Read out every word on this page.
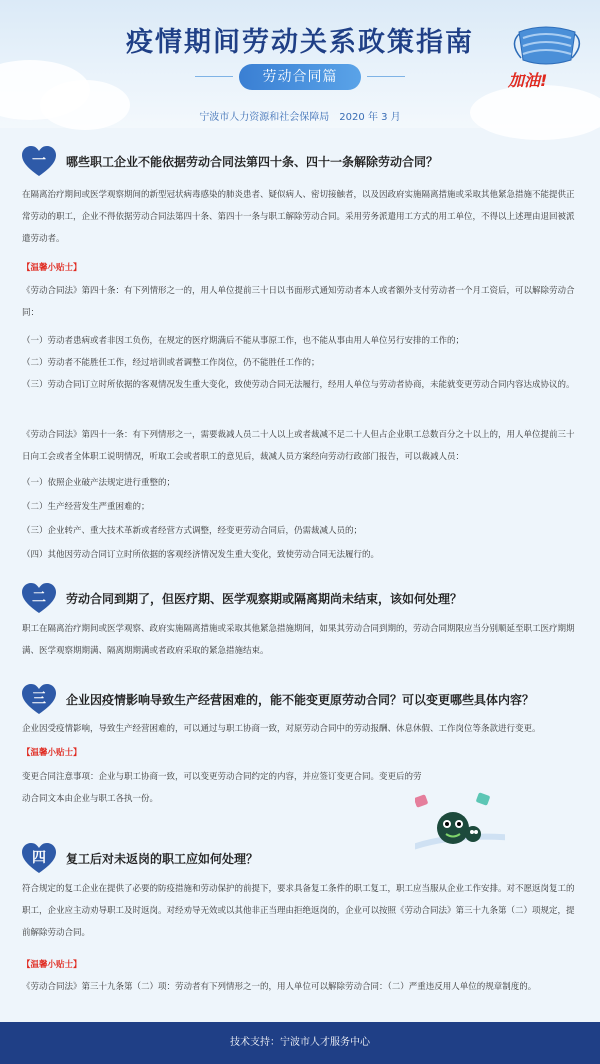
疫情期间劳动关系政策指南
劳动合同篇
宁波市人力资源和社会保障局　2020 年 3 月
加油!
一	哪些职工企业不能依据劳动合同法第四十条、四十一条解除劳动合同？
在隔离治疗期间或医学观察期间的新型冠状病毒感染的肺炎患者、疑似病人、密切接触者，以及因政府实施隔离措施或采取其他紧急措施不能提供正常劳动的职工，企业不得依据劳动合同法第四十条、第四十一条与职工解除劳动合同。采用劳务派遣用工方式的用工单位，不得以上述理由退回被派遣劳动者。
【温馨小贴士】
《劳动合同法》第四十条：有下列情形之一的，用人单位提前三十日以书面形式通知劳动者本人或者额外支付劳动者一个月工资后，可以解除劳动合同：
（一）劳动者患病或者非因工负伤，在规定的医疗期满后不能从事原工作，也不能从事由用人单位另行安排的工作的；
（二）劳动者不能胜任工作，经过培训或者调整工作岗位，仍不能胜任工作的；
（三）劳动合同订立时所依据的客观情况发生重大变化，致使劳动合同无法履行，经用人单位与劳动者协商，未能就变更劳动合同内容达成协议的。
《劳动合同法》第四十一条：有下列情形之一，需要裁减人员二十人以上或者裁减不足二十人但占企业职工总数百分之十以上的，用人单位提前三十日向工会或者全体职工说明情况，听取工会或者职工的意见后，裁减人员方案经向劳动行政部门报告，可以裁减人员：
（一）依照企业破产法规定进行重整的；
（二）生产经营发生严重困难的；
（三）企业转产、重大技术革新或者经营方式调整，经变更劳动合同后，仍需裁减人员的；
（四）其他因劳动合同订立时所依据的客观经济情况发生重大变化，致使劳动合同无法履行的。
二	劳动合同到期了，但医疗期、医学观察期或隔离期尚未结束，该如何处理？
职工在隔离治疗期间或医学观察、政府实施隔离措施或采取其他紧急措施期间，如果其劳动合同到期的，劳动合同期限应当分别顺延至职工医疗期期满、医学观察期期满、隔离期期满或者政府采取的紧急措施结束。
三	企业因疫情影响导致生产经营困难的，能不能变更原劳动合同？可以变更哪些具体内容？
企业因受疫情影响，导致生产经营困难的，可以通过与职工协商一致，对原劳动合同中的劳动报酬、休息休假、工作岗位等条款进行变更。
【温馨小贴士】
变更合同注意事项：企业与职工协商一致，可以变更劳动合同约定的内容，并应签订变更合同。变更后的劳动合同文本由企业与职工各执一份。
四	复工后对未返岗的职工应如何处理？
符合规定的复工企业在提供了必要的防疫措施和劳动保护的前提下，要求具备复工条件的职工复工，职工应当服从企业工作安排。对不愿返岗复工的职工，企业应主动劝导职工及时返岗。对经劝导无效或以其他非正当理由拒绝返岗的，企业可以按照《劳动合同法》第三十九条第（二）项规定，提前解除劳动合同。
【温馨小贴士】
《劳动合同法》第三十九条第（二）项：劳动者有下列情形之一的，用人单位可以解除劳动合同：（二）严重违反用人单位的规章制度的。
技术支持：宁波市人才服务中心
